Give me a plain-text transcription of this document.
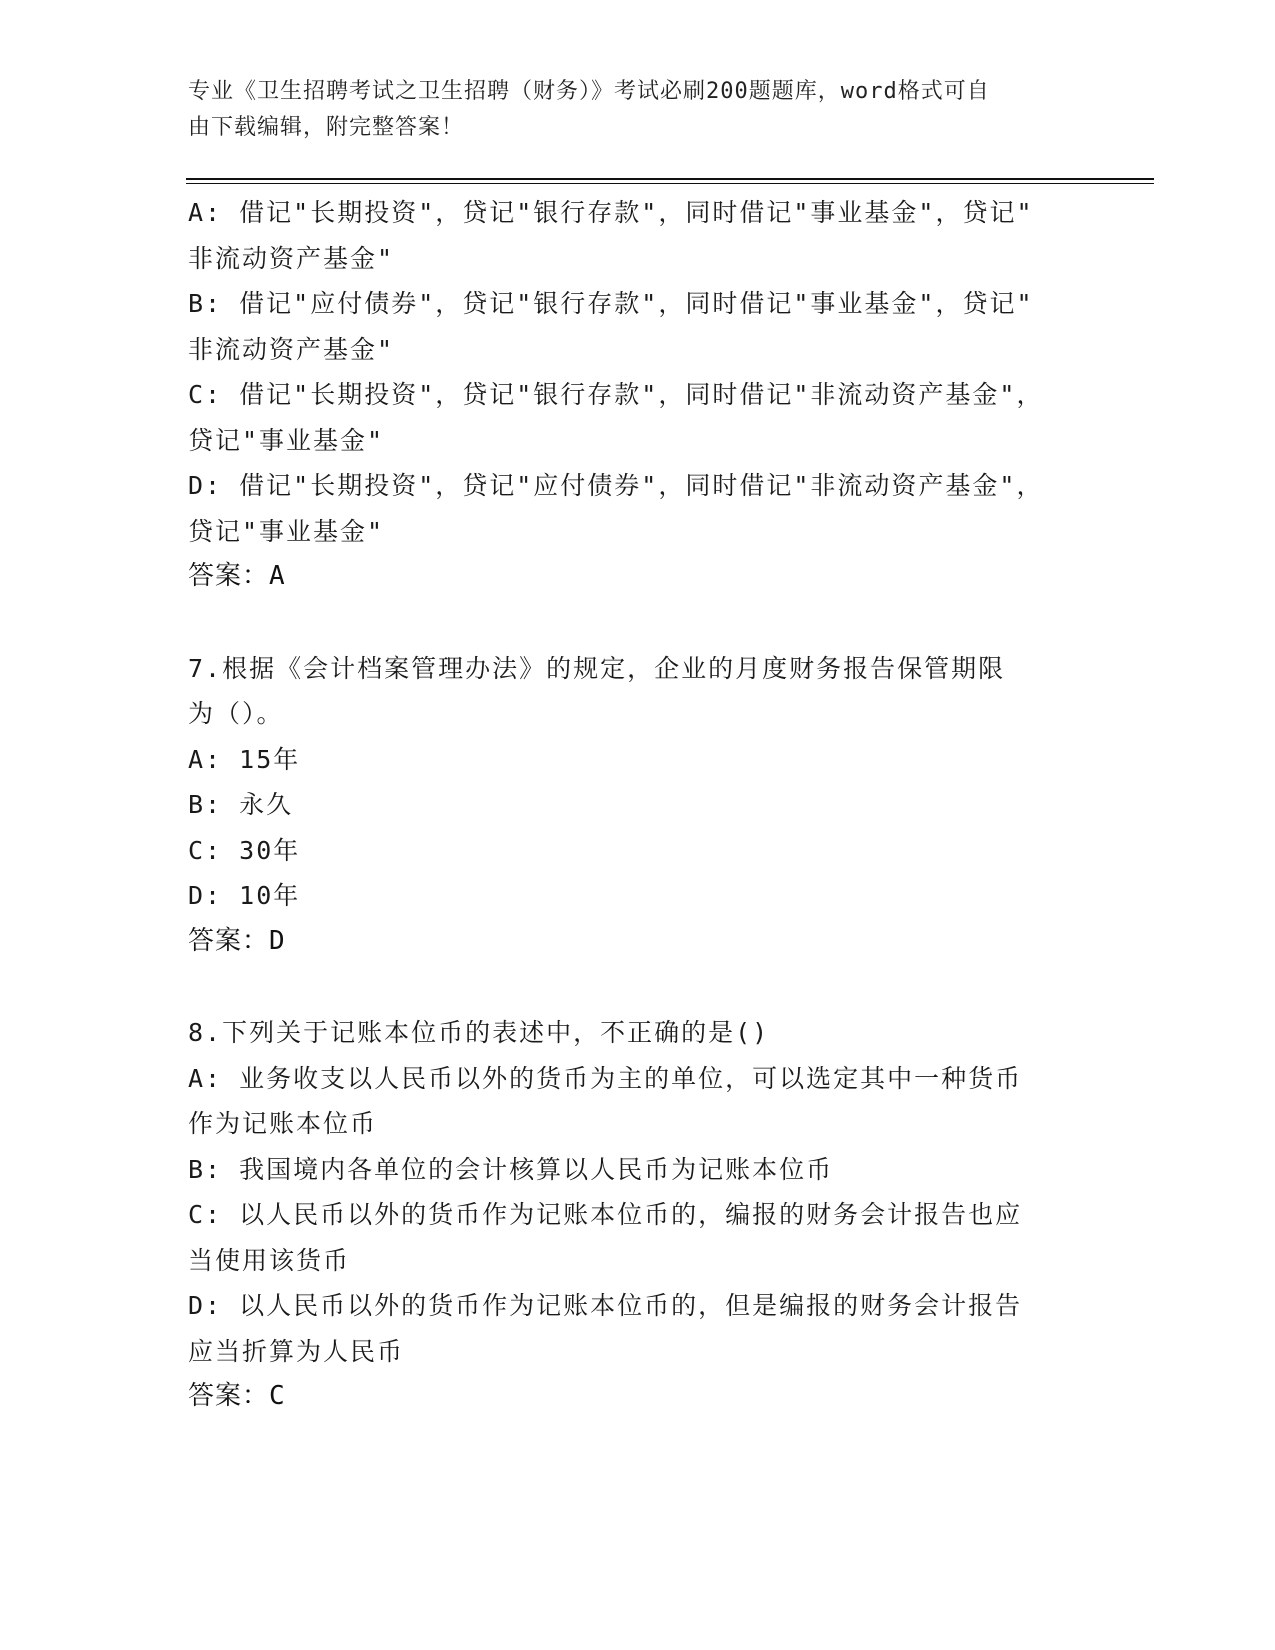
专业《卫生招聘考试之卫生招聘（财务）》考试必刷200题题库，word格式可自
由下载编辑，附完整答案！
A: 借记"长期投资"，贷记"银行存款"，同时借记"事业基金"，贷记"
非流动资产基金"
B: 借记"应付债券"，贷记"银行存款"，同时借记"事业基金"，贷记"
非流动资产基金"
C: 借记"长期投资"，贷记"银行存款"，同时借记"非流动资产基金"，
贷记"事业基金"
D: 借记"长期投资"，贷记"应付债券"，同时借记"非流动资产基金"，
贷记"事业基金"
答案：A
7.根据《会计档案管理办法》的规定，企业的月度财务报告保管期限
为（）。
A: 15年
B: 永久
C: 30年
D: 10年
答案：D
8.下列关于记账本位币的表述中，不正确的是()
A: 业务收支以人民币以外的货币为主的单位，可以选定其中一种货币
作为记账本位币
B: 我国境内各单位的会计核算以人民币为记账本位币
C: 以人民币以外的货币作为记账本位币的，编报的财务会计报告也应
当使用该货币
D: 以人民币以外的货币作为记账本位币的，但是编报的财务会计报告
应当折算为人民币
答案：C
